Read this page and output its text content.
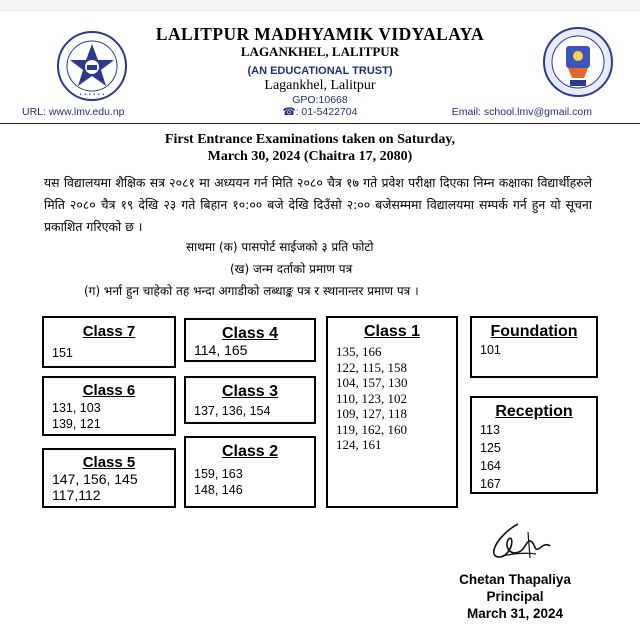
• • • • • •
LALITPUR MADHYAMIK VIDYALAYA
LAGANKHEL, LALITPUR
(AN EDUCATIONAL TRUST)
Lagankhel, Lalitpur
GPO:10668
☎: 01-5422704
URL: www.lmv.edu.np	Email: school.lmv@gmail.com
First Entrance Examinations taken on Saturday,
March 30, 2024 (Chaitra 17, 2080)
यस विद्यालयमा शैक्षिक सत्र २०८१ मा अध्ययन गर्न मिति २०८० चैत्र १७ गते प्रवेश परीक्षा दिएका निम्न कक्षाका विद्यार्थीहरुले मिति २०८० चैत्र १९ देखि २३ गते बिहान १०:०० बजे देखि दिउँसो २:०० बजेसम्ममा विद्यालयमा सम्पर्क गर्न हुन यो सूचना प्रकाशित गरिएको छ ।
साथमा (क) पासपोर्ट साईजको ३ प्रति फोटो
(ख) जन्म दर्ताको प्रमाण पत्र
(ग) भर्ना हुन चाहेको तह भन्दा अगाडीको लब्धाङ्क पत्र र स्थानान्तर प्रमाण पत्र ।
Class 7
151
Class 6
131, 103
139, 121
Class 5
147, 156, 145
117,112
Class 4
114, 165
Class 3
137, 136, 154
Class 2
159, 163
148, 146
Class 1
135, 166
122, 115, 158
104, 157, 130
110, 123, 102
109, 127, 118
119, 162, 160
124, 161
Foundation
101
Reception
113
125
164
167
Chetan Thapaliya
Principal
March 31, 2024
